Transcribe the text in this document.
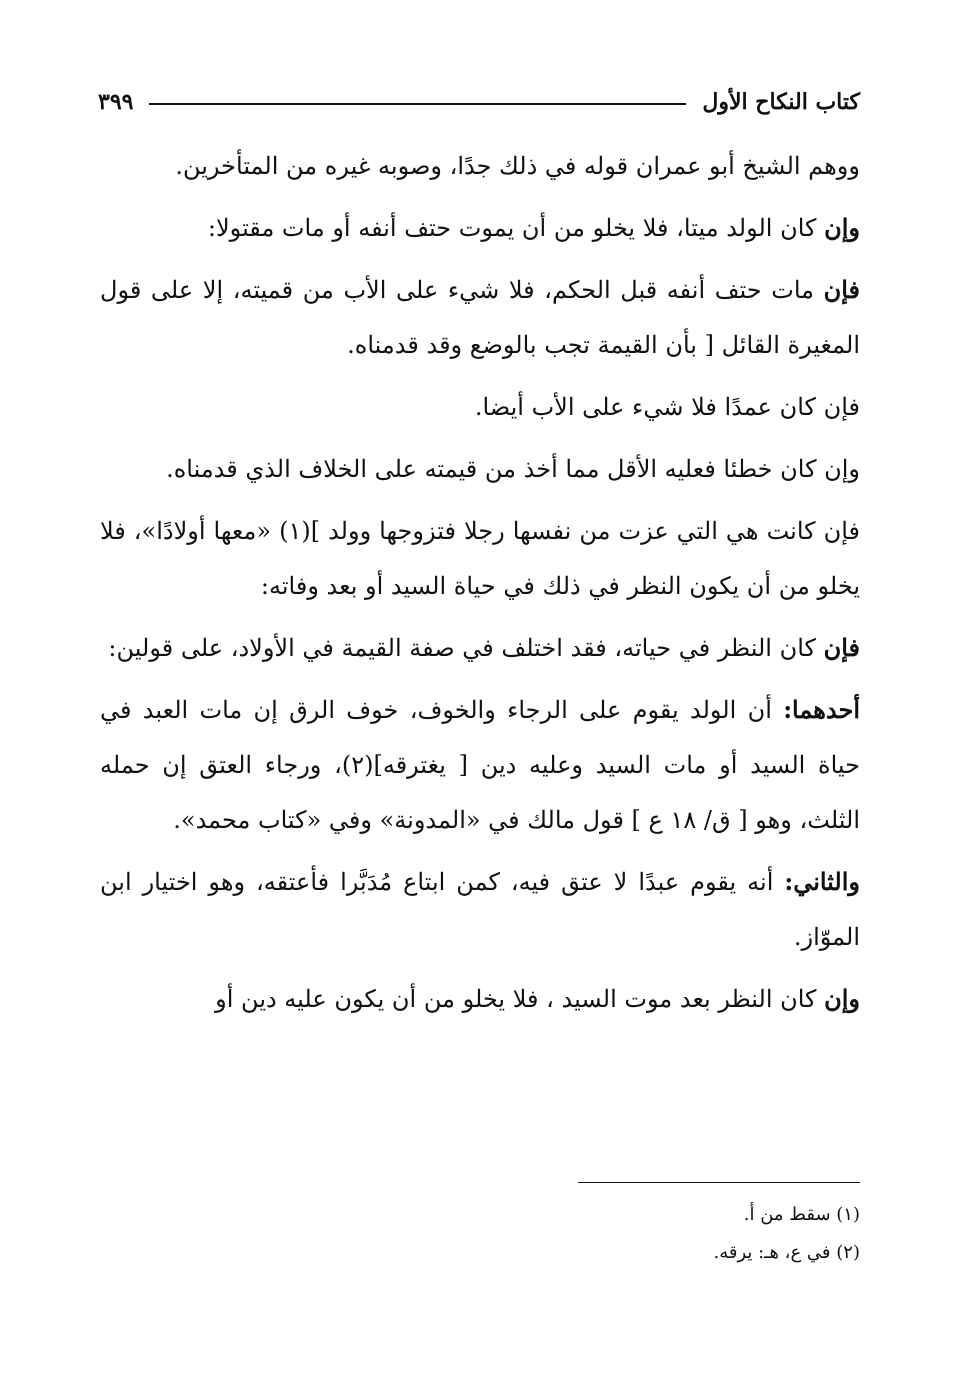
كتاب النكاح الأول
٣٩٩

ووهم الشيخ أبو عمران قوله في ذلك جدًا، وصوبه غيره من المتأخرين.

وإن كان الولد ميتا، فلا يخلو من أن يموت حتف أنفه أو مات مقتولا:

فإن مات حتف أنفه قبل الحكم، فلا شيء على الأب من قميته، إلا على قول المغيرة القائل [ بأن القيمة تجب بالوضع وقد قدمناه.

فإن كان عمدًا فلا شيء على الأب أيضا.

وإن كان خطئا فعليه الأقل مما أخذ من قيمته على الخلاف الذي قدمناه.

فإن كانت هي التي عزت من نفسها رجلا فتزوجها وولد ](١) «معها أولادًا»، فلا يخلو من أن يكون النظر في ذلك في حياة السيد أو بعد وفاته:

فإن كان النظر في حياته، فقد اختلف في صفة القيمة في الأولاد، على قولين:

أحدهما: أن الولد يقوم على الرجاء والخوف، خوف الرق إن مات العبد في حياة السيد أو مات السيد وعليه دين [ يغترقه](٢)، ورجاء العتق إن حمله الثلث، وهو [ ق/ ١٨ ع ] قول مالك في «المدونة» وفي «كتاب محمد».

والثاني: أنه يقوم عبدًا لا عتق فيه، كمن ابتاع مُدَبَّرا فأعتقه، وهو اختيار ابن الموّاز.

وإن كان النظر بعد موت السيد ، فلا يخلو من أن يكون عليه دين أو

(١) سقط من أ.

(٢) في ع، هـ: يرقه.
